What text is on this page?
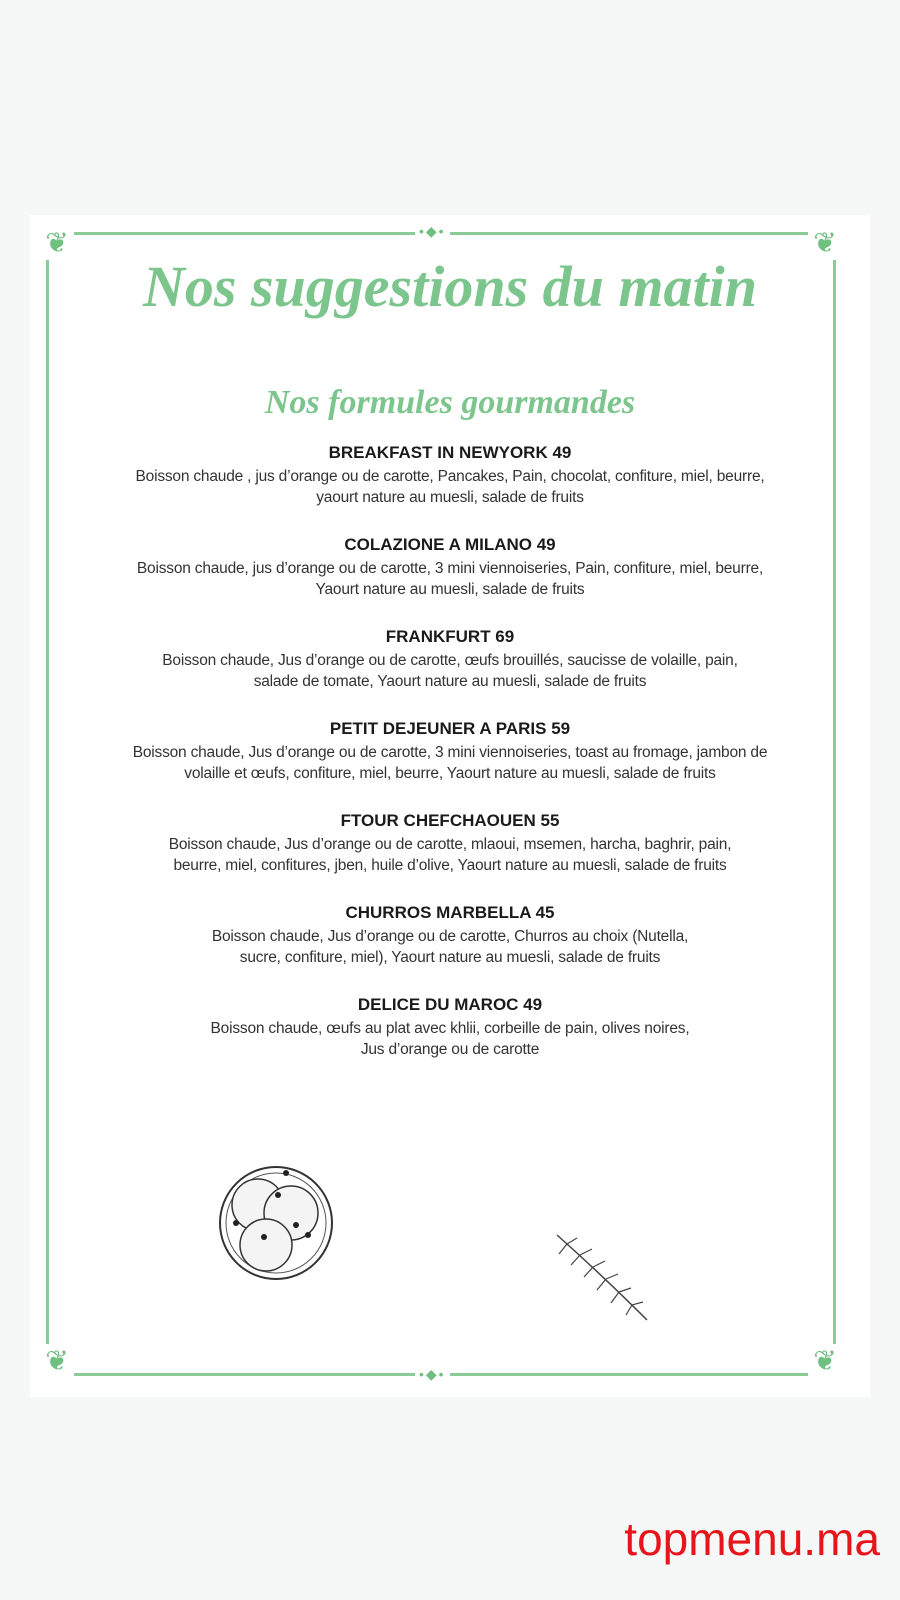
❦	❦
❦	❦
•◆•
•◆•
Nos suggestions du matin
Nos formules gourmandes
BREAKFAST IN NEWYORK 49
Boisson chaude , jus d’orange ou de carotte, Pancakes, Pain, chocolat, confiture, miel, beurre,
yaourt nature au muesli, salade de fruits
COLAZIONE A MILANO 49
Boisson chaude, jus d’orange ou de carotte, 3 mini viennoiseries, Pain, confiture, miel, beurre,
Yaourt nature au muesli, salade de fruits
FRANKFURT 69
Boisson chaude, Jus d’orange ou de carotte, œufs brouillés, saucisse de volaille, pain,
salade de tomate, Yaourt nature au muesli, salade de fruits
PETIT DEJEUNER A PARIS 59
Boisson chaude, Jus d’orange ou de carotte, 3 mini viennoiseries, toast au fromage, jambon de
volaille et œufs, confiture, miel, beurre, Yaourt nature au muesli, salade de fruits
FTOUR CHEFCHAOUEN 55
Boisson chaude, Jus d’orange ou de carotte, mlaoui, msemen, harcha, baghrir, pain,
beurre, miel, confitures, jben, huile d’olive, Yaourt nature au muesli, salade de fruits
CHURROS MARBELLA 45
Boisson chaude, Jus d’orange ou de carotte, Churros au choix (Nutella,
sucre, confiture, miel), Yaourt nature au muesli, salade de fruits
DELICE DU MAROC 49
Boisson chaude, œufs au plat avec khlii, corbeille de pain, olives noires,
Jus d’orange ou de carotte
topmenu.ma
